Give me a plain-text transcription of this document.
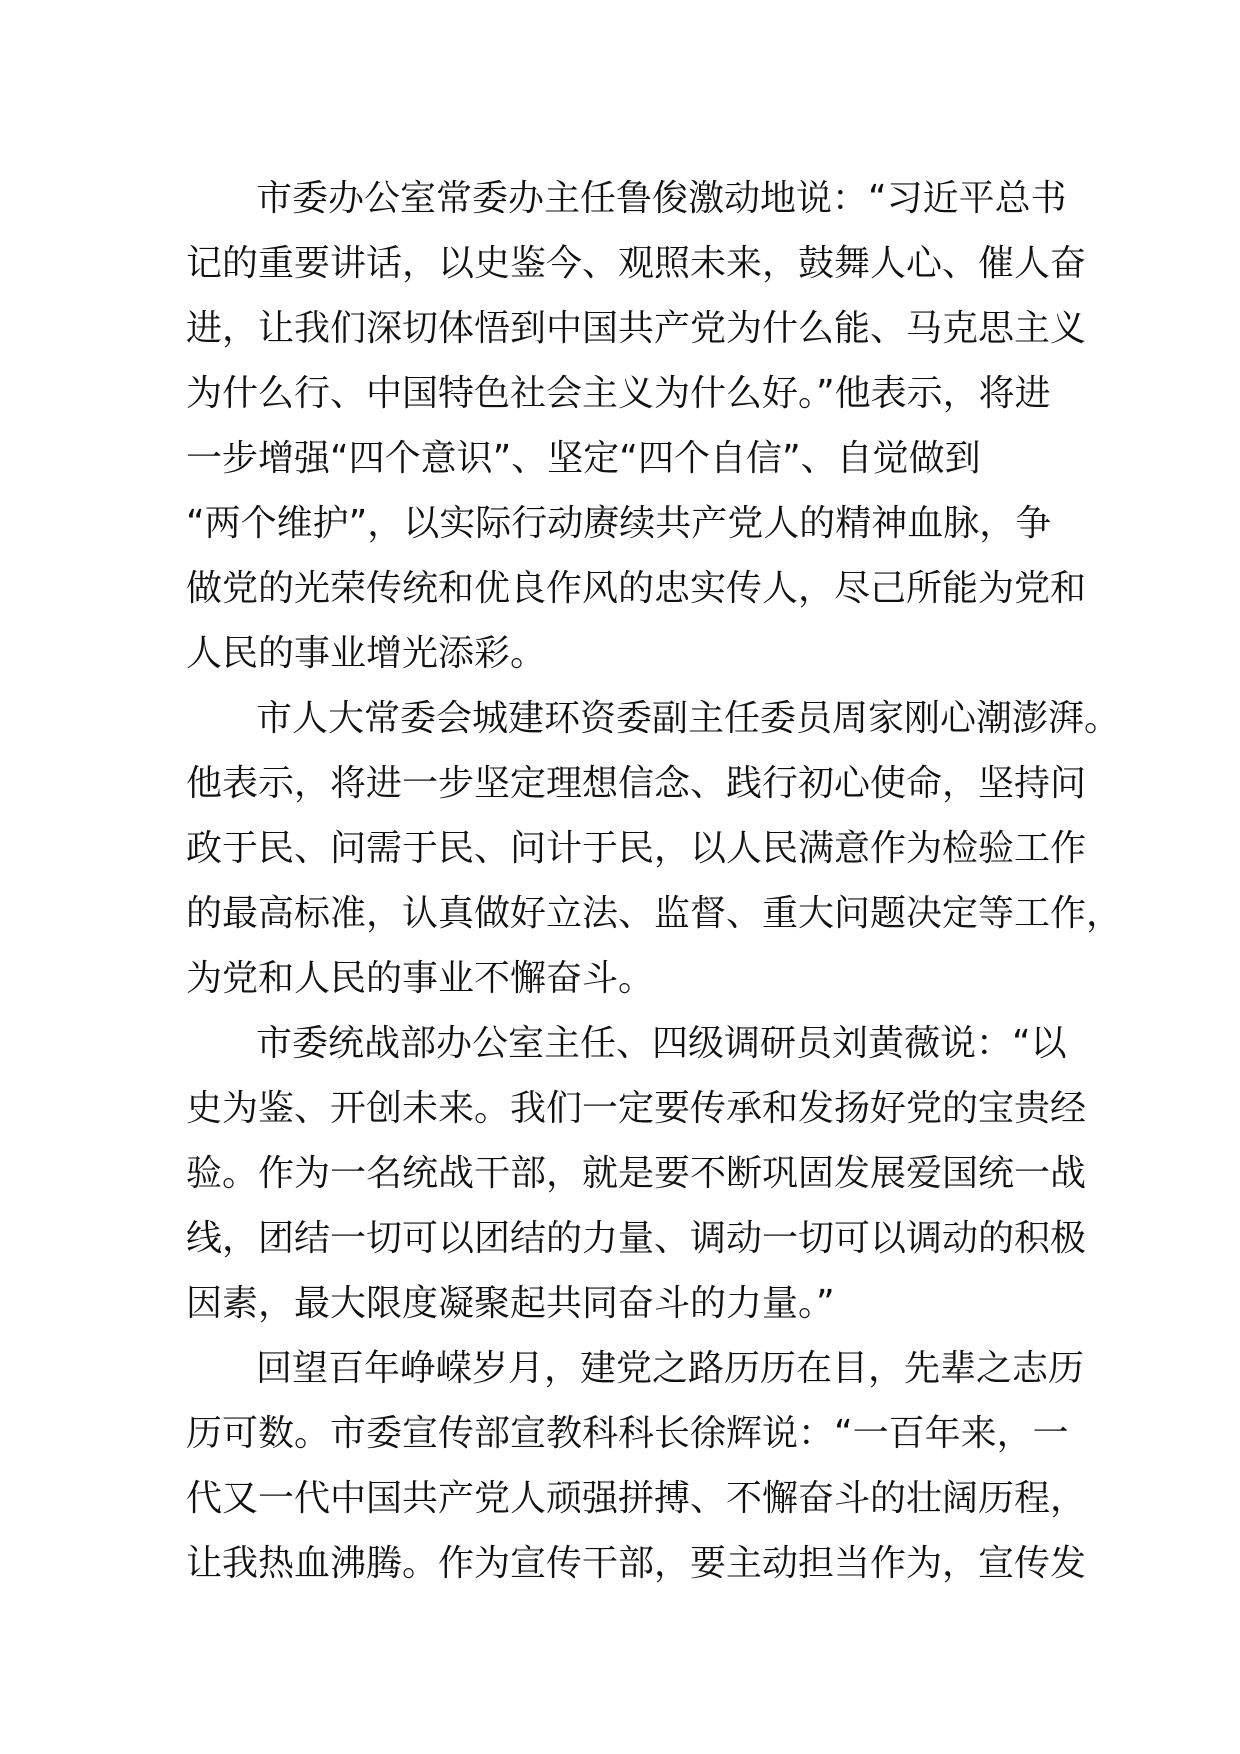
市委办公室常委办主任鲁俊激动地说：“习近平总书
记的重要讲话，以史鉴今、观照未来，鼓舞人心、催人奋
进，让我们深切体悟到中国共产党为什么能、马克思主义
为什么行、中国特色社会主义为什么好。”他表示，将进
一步增强“四个意识”、坚定“四个自信”、自觉做到
“两个维护”，以实际行动赓续共产党人的精神血脉，争
做党的光荣传统和优良作风的忠实传人，尽己所能为党和
人民的事业增光添彩。
市人大常委会城建环资委副主任委员周家刚心潮澎湃。
他表示，将进一步坚定理想信念、践行初心使命，坚持问
政于民、问需于民、问计于民，以人民满意作为检验工作
的最高标准，认真做好立法、监督、重大问题决定等工作，
为党和人民的事业不懈奋斗。
市委统战部办公室主任、四级调研员刘黄薇说：“以
史为鉴、开创未来。我们一定要传承和发扬好党的宝贵经
验。作为一名统战干部，就是要不断巩固发展爱国统一战
线，团结一切可以团结的力量、调动一切可以调动的积极
因素，最大限度凝聚起共同奋斗的力量。”
回望百年峥嵘岁月，建党之路历历在目，先辈之志历
历可数。市委宣传部宣教科科长徐辉说：“一百年来，一
代又一代中国共产党人顽强拼搏、不懈奋斗的壮阔历程，
让我热血沸腾。作为宣传干部，要主动担当作为，宣传发
